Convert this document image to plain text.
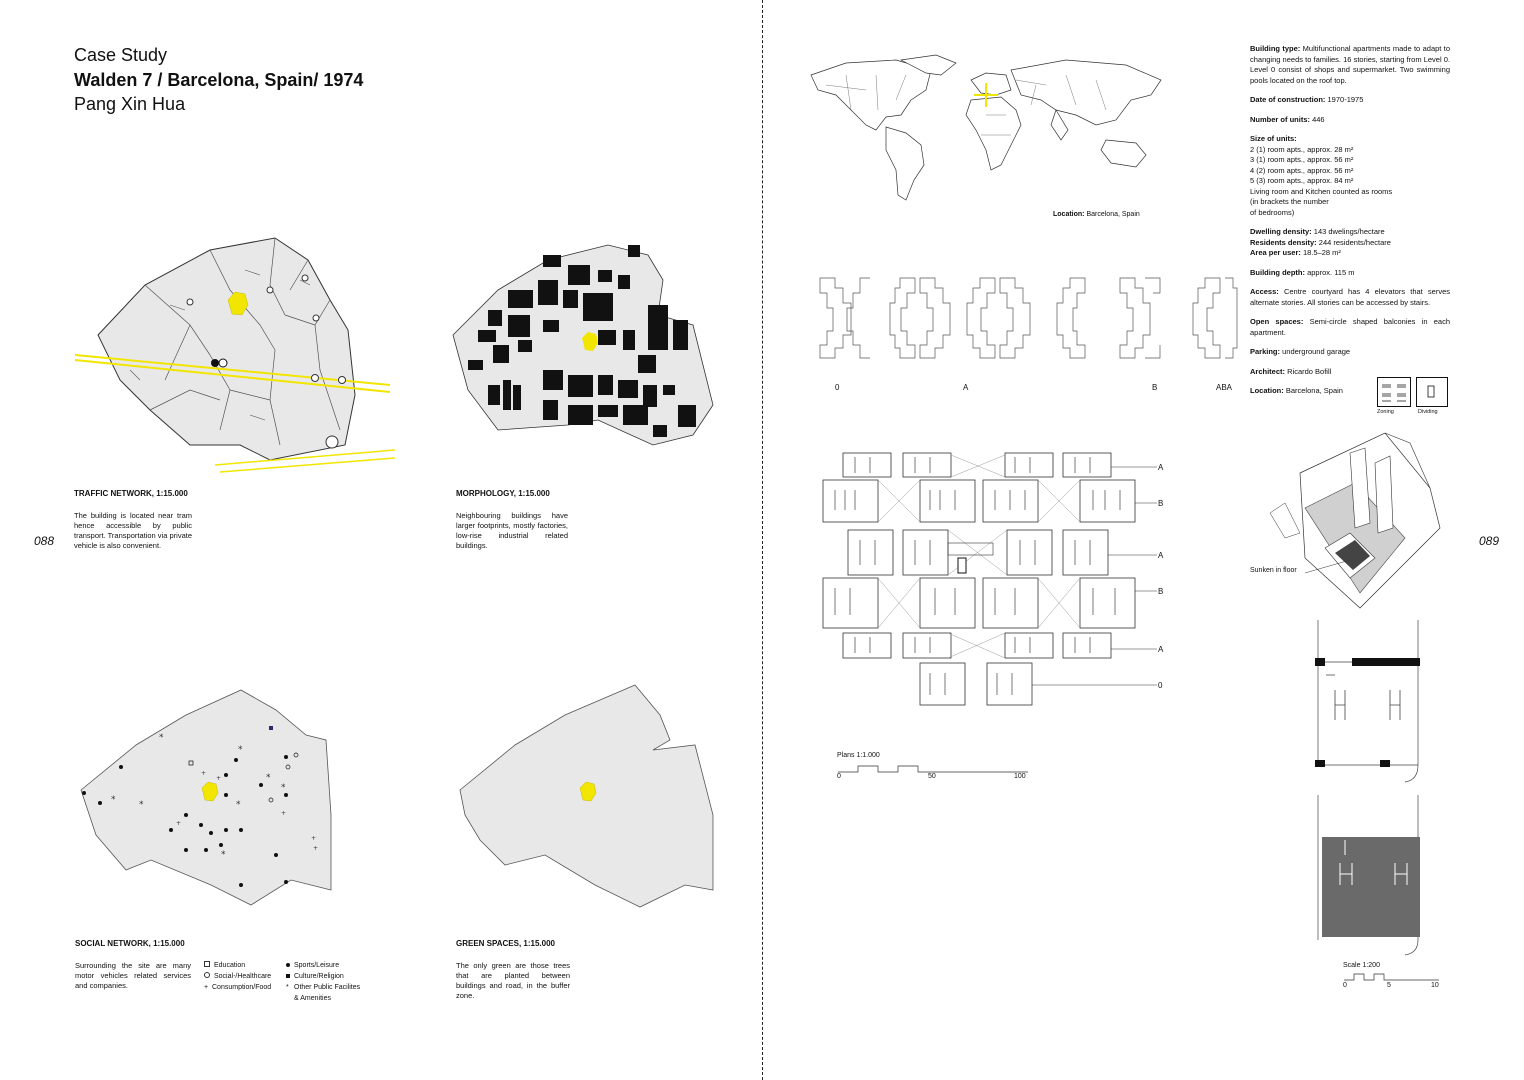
Case Study
Walden 7 / Barcelona, Spain/ 1974
Pang Xin Hua
088	089
TRAFFIC NETWORK, 1:15.000
The building is located near tram hence accessible by public transport. Transportation via private vehicle is also convenient.
MORPHOLOGY, 1:15.000
Neighbouring buildings have larger footprints, mostly factories, low-rise industrial related buildings.
*
*	*	*
*
*
*
*
+
+
+
+
+
+
SOCIAL NETWORK, 1:15.000
Surrounding the site are many motor vehicles related services and companies.
Education
Social-/Healthcare
+ Consumption/Food
Sports/Leisure
Culture/Religion
* Other Public Facilites
& Amenities
GREEN SPACES, 1:15.000
The only green are those trees that are planted between buildings and road, in the buffer zone.
Location: Barcelona, Spain
0	A	B	ABA

Building type: Multifunctional apartments made to adapt to changing needs to families. 16 stories, starting from Level 0. Level 0 consist of shops and supermarket. Two swimming pools located on the roof top.

Date of construction: 1970-1975

Number of units: 446

Size of units:
2 (1) room apts., approx. 28 m²
3 (1) room apts., approx. 56 m²
4 (2) room apts., approx. 56 m²
5 (3) room apts., approx. 84 m²
Living room and Kitchen counted as rooms
(in brackets the number
of bedrooms)

Dwelling density: 143 dwelings/hectare
Residents density: 244 residents/hectare
Area per user: 18.5–28 m²

Building depth: approx. 115 m

Access: Centre courtyard has 4 elevators that serves alternate stories. All stories can be accessed by stairs.

Open spaces: Semi-circle shaped balconies in each apartment.

Parking: underground garage

Architect: Ricardo Bofill

Location: Barcelona, Spain

Zoning	Dividing
A
B
A
B
A
0
Plans 1:1.000
0	50	100
Sunken in floor
Scale 1:200
0	5	10
